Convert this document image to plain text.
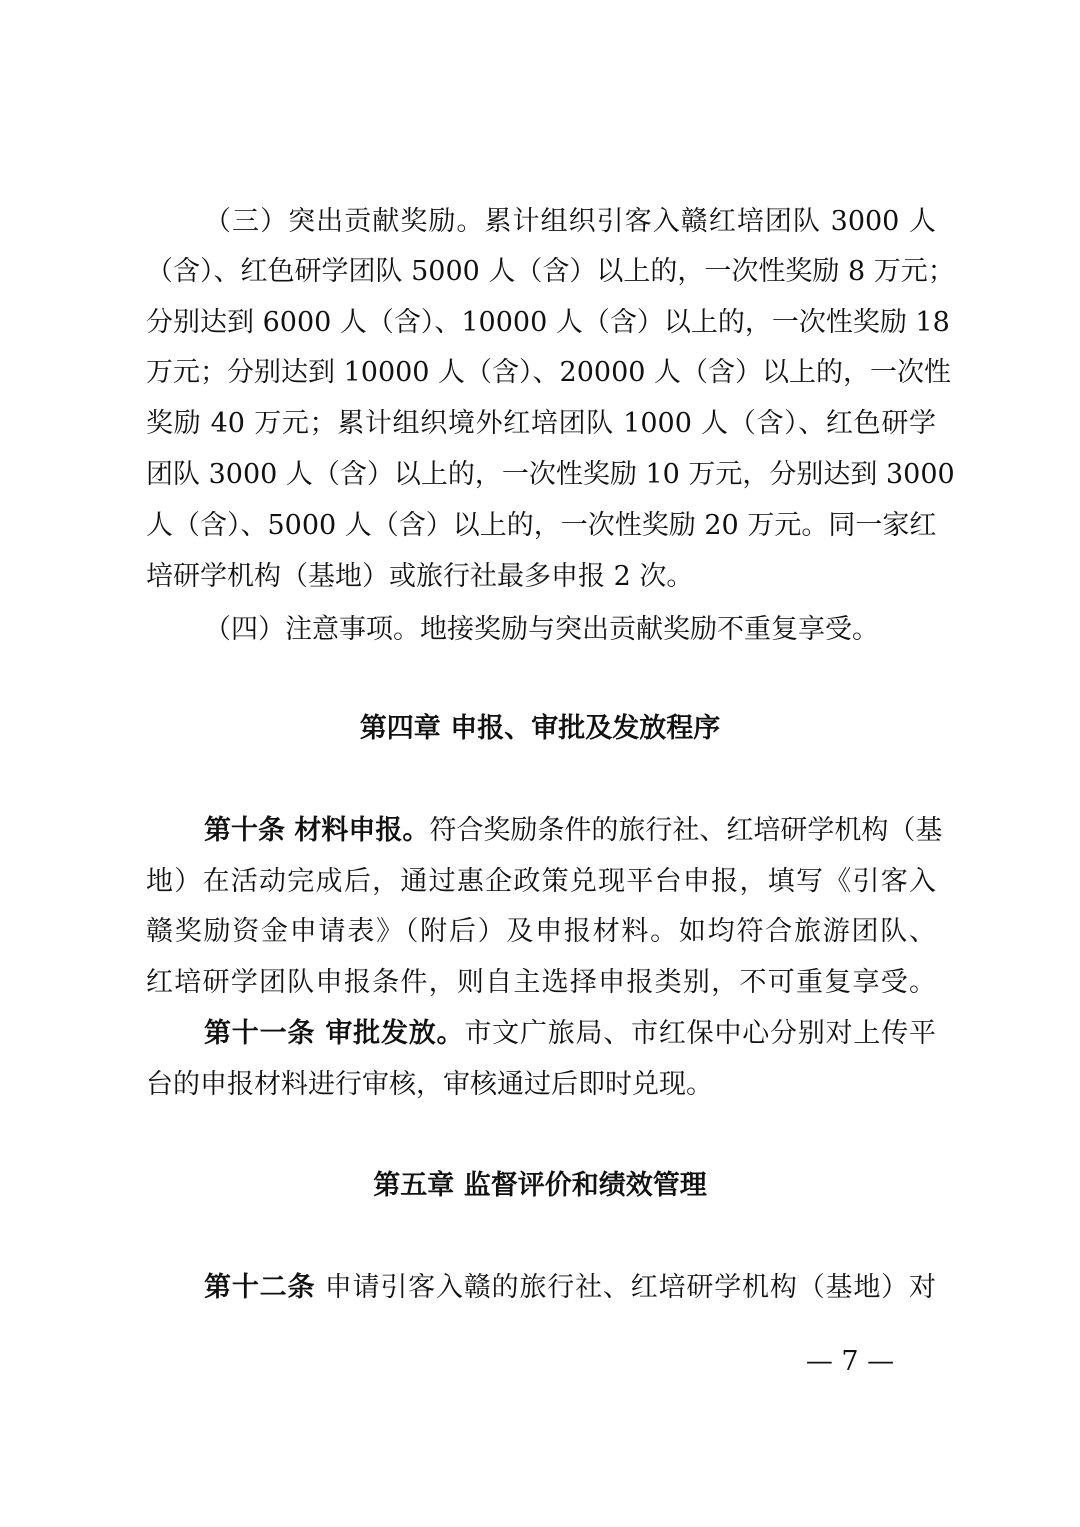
（三）突出贡献奖励。累计组织引客入赣红培团队 3000 人
（含）、红色研学团队 5000 人（含）以上的，一次性奖励 8 万元；
分别达到 6000 人（含）、10000 人（含）以上的，一次性奖励 18
万元；分别达到 10000 人（含）、20000 人（含）以上的，一次性
奖励 40 万元；累计组织境外红培团队 1000 人（含）、红色研学
团队 3000 人（含）以上的，一次性奖励 10 万元，分别达到 3000
人（含）、5000 人（含）以上的，一次性奖励 20 万元。同一家红
培研学机构（基地）或旅行社最多申报 2 次。
（四）注意事项。地接奖励与突出贡献奖励不重复享受。
第四章 申报、审批及发放程序
第十条 材料申报。符合奖励条件的旅行社、红培研学机构（基
地）在活动完成后，通过惠企政策兑现平台申报，填写《引客入
赣奖励资金申请表》（附后）及申报材料。如均符合旅游团队、
红培研学团队申报条件，则自主选择申报类别，不可重复享受。
第十一条 审批发放。市文广旅局、市红保中心分别对上传平
台的申报材料进行审核，审核通过后即时兑现。
第五章 监督评价和绩效管理
第十二条 申请引客入赣的旅行社、红培研学机构（基地）对
— 7 —
